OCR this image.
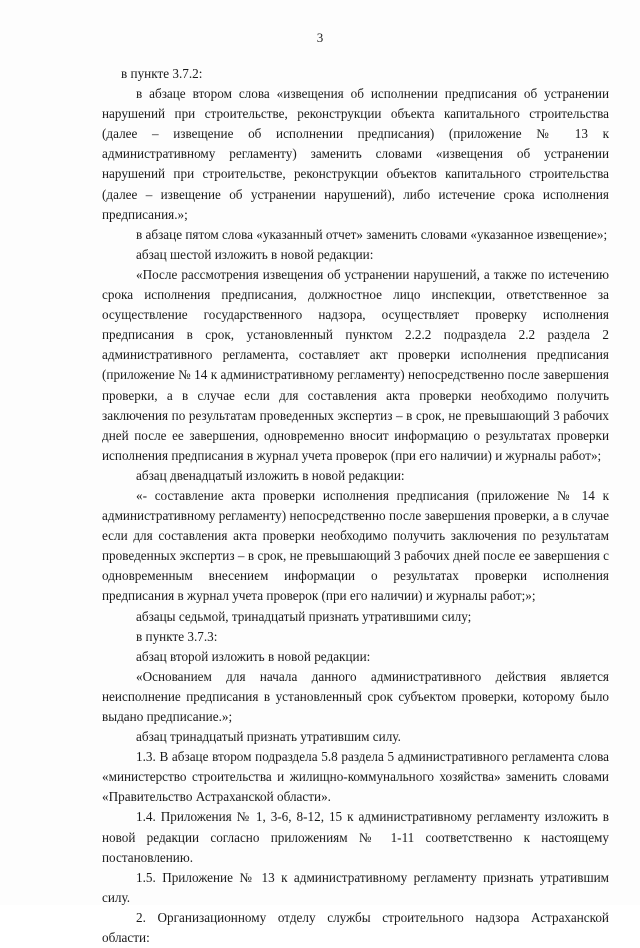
3

в пункте 3.7.2:

в абзаце втором слова «извещения об исполнении предписания об устранении нарушений при строительстве, реконструкции объекта капитального строительства (далее – извещение об исполнении предписания) (приложение № 13 к административному регламенту) заменить словами «извещения об устранении нарушений при строительстве, реконструкции объектов капитального строительства (далее – извещение об устранении нарушений), либо истечение срока исполнения предписания.»;

в абзаце пятом слова «указанный отчет» заменить словами «указанное извещение»;

абзац шестой изложить в новой редакции:

«После рассмотрения извещения об устранении нарушений, а также по истечению срока исполнения предписания, должностное лицо инспекции, ответственное за осуществление государственного надзора, осуществляет проверку исполнения предписания в срок, установленный пунктом 2.2.2 подраздела 2.2 раздела 2 административного регламента, составляет акт проверки исполнения предписания (приложение № 14 к административному регламенту) непосредственно после завершения проверки, а в случае если для составления акта проверки необходимо получить заключения по результатам проведенных экспертиз – в срок, не превышающий 3 рабочих дней после ее завершения, одновременно вносит информацию о результатах проверки исполнения предписания в журнал учета проверок (при его наличии) и журналы работ»;

абзац двенадцатый изложить в новой редакции:

«- составление акта проверки исполнения предписания (приложение № 14 к административному регламенту) непосредственно после завершения проверки, а в случае если для составления акта проверки необходимо получить заключения по результатам проведенных экспертиз – в срок, не превышающий 3 рабочих дней после ее завершения с одновременным внесением информации о результатах проверки исполнения предписания в журнал учета проверок (при его наличии) и журналы работ;»;

абзацы седьмой, тринадцатый признать утратившими силу;

в пункте 3.7.3:

абзац второй изложить в новой редакции:

«Основанием для начала данного административного действия является неисполнение предписания в установленный срок субъектом проверки, которому было выдано предписание.»;

абзац тринадцатый признать утратившим силу.

1.3. В абзаце втором подраздела 5.8 раздела 5 административного регламента слова «министерство строительства и жилищно-коммунального хозяйства» заменить словами «Правительство Астраханской области».

1.4. Приложения № 1, 3-6, 8-12, 15 к административному регламенту изложить в новой редакции согласно приложениям № 1-11 соответственно к настоящему постановлению.

1.5. Приложение № 13 к административному регламенту признать утратившим силу.

2. Организационному отделу службы строительного надзора Астраханской области:
